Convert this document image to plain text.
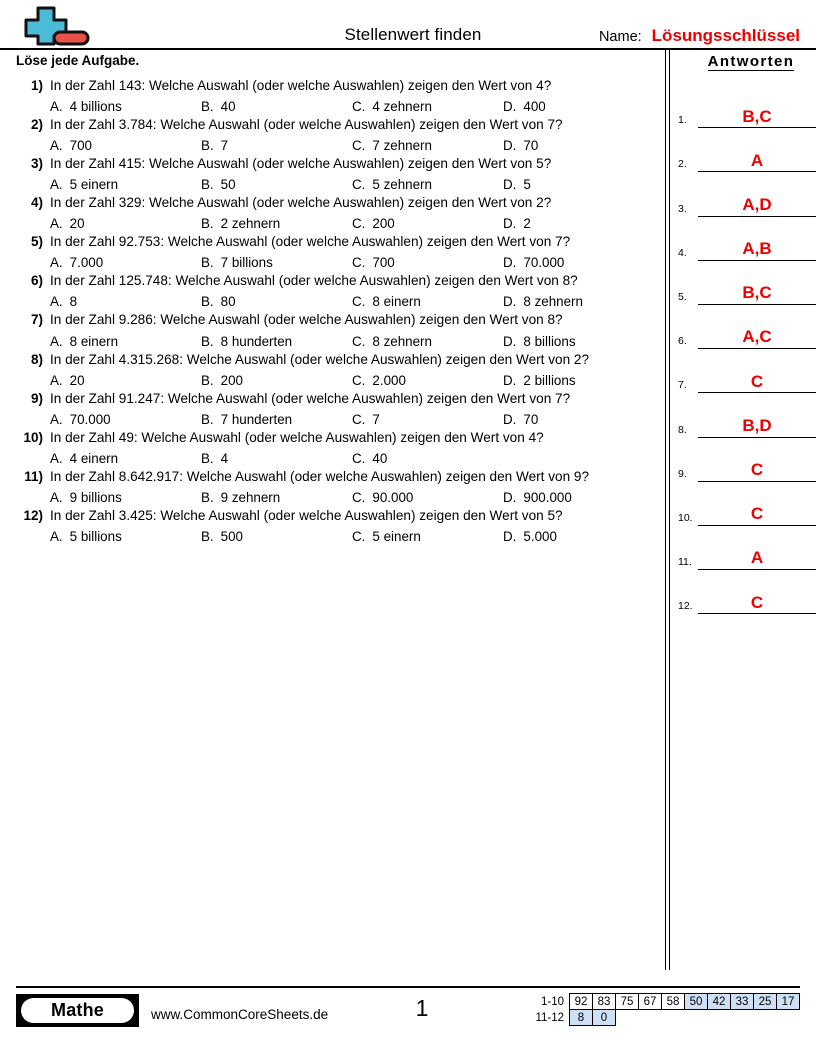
Stellenwert finden	Name: Lösungsschlüssel
Löse jede Aufgabe.
1) In der Zahl 143: Welche Auswahl (oder welche Auswahlen) zeigen den Wert von 4?
A. 4 billions	B. 40	C. 4 zehnern	D. 400
2) In der Zahl 3.784: Welche Auswahl (oder welche Auswahlen) zeigen den Wert von 7?
A. 700	B. 7	C. 7 zehnern	D. 70
3) In der Zahl 415: Welche Auswahl (oder welche Auswahlen) zeigen den Wert von 5?
A. 5 einern	B. 50	C. 5 zehnern	D. 5
4) In der Zahl 329: Welche Auswahl (oder welche Auswahlen) zeigen den Wert von 2?
A. 20	B. 2 zehnern	C. 200	D. 2
5) In der Zahl 92.753: Welche Auswahl (oder welche Auswahlen) zeigen den Wert von 7?
A. 7.000	B. 7 billions	C. 700	D. 70.000
6) In der Zahl 125.748: Welche Auswahl (oder welche Auswahlen) zeigen den Wert von 8?
A. 8	B. 80	C. 8 einern	D. 8 zehnern
7) In der Zahl 9.286: Welche Auswahl (oder welche Auswahlen) zeigen den Wert von 8?
A. 8 einern	B. 8 hunderten	C. 8 zehnern	D. 8 billions
8) In der Zahl 4.315.268: Welche Auswahl (oder welche Auswahlen) zeigen den Wert von 2?
A. 20	B. 200	C. 2.000	D. 2 billions
9) In der Zahl 91.247: Welche Auswahl (oder welche Auswahlen) zeigen den Wert von 7?
A. 70.000	B. 7 hunderten	C. 7	D. 70
10) In der Zahl 49: Welche Auswahl (oder welche Auswahlen) zeigen den Wert von 4?
A. 4 einern	B. 4	C. 40
11) In der Zahl 8.642.917: Welche Auswahl (oder welche Auswahlen) zeigen den Wert von 9?
A. 9 billions	B. 9 zehnern	C. 90.000	D. 900.000
12) In der Zahl 3.425: Welche Auswahl (oder welche Auswahlen) zeigen den Wert von 5?
A. 5 billions	B. 500	C. 5 einern	D. 5.000
Antworten
1.	B,C
2.	A
3.	A,D
4.	A,B
5.	B,C
6.	A,C
7.	C
8.	B,D
9.	C
10.	C
11.	A
12.	C
Mathe	www.CommonCoreSheets.de	1	1-10	92	83	75	67	58	50	42	33	25	17
11-12	8	0								
